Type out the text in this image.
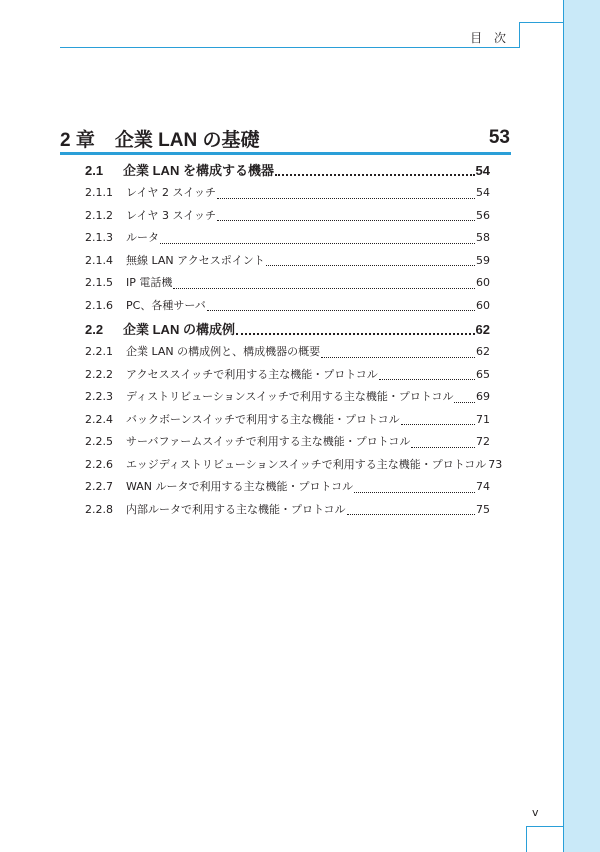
目 次
2 章 企業 LAN の基礎	53
2.1	企業 LAN を構成する機器	54
2.1.1	レイヤ 2 スイッチ	54
2.1.2	レイヤ 3 スイッチ	56
2.1.3	ルータ	58
2.1.4	無線 LAN アクセスポイント	59
2.1.5	IP 電話機	60
2.1.6	PC、各種サーバ	60
2.2	企業 LAN の構成例	62
2.2.1	企業 LAN の構成例と、構成機器の概要	62
2.2.2	アクセススイッチで利用する主な機能・プロトコル	65
2.2.3	ディストリビューションスイッチで利用する主な機能・プロトコル 69
2.2.4	バックボーンスイッチで利用する主な機能・プロトコル	71
2.2.5	サーバファームスイッチで利用する主な機能・プロトコル	72
2.2.6	エッジディストリビューションスイッチで利用する主な機能・プロトコル 73
2.2.7	WAN ルータで利用する主な機能・プロトコル	74
2.2.8	内部ルータで利用する主な機能・プロトコル	75
v
